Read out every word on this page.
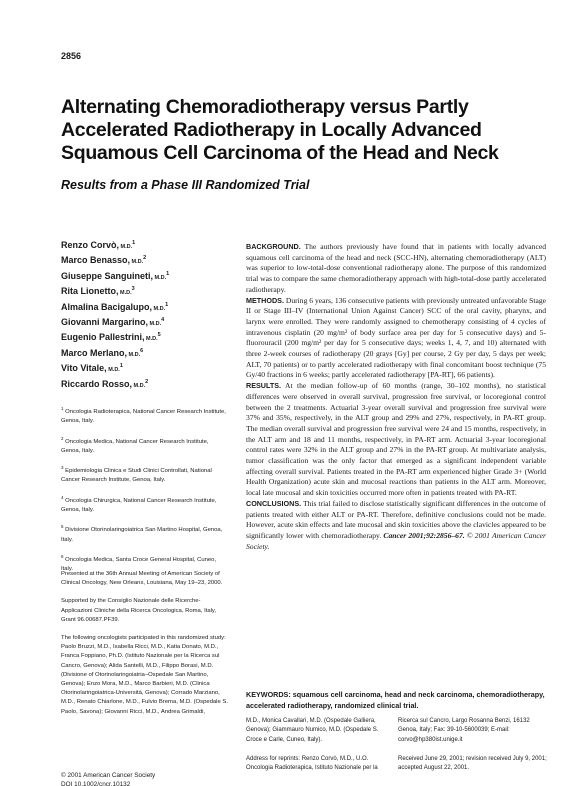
2856
Alternating Chemoradiotherapy versus Partly Accelerated Radiotherapy in Locally Advanced Squamous Cell Carcinoma of the Head and Neck
Results from a Phase III Randomized Trial
Renzo Corvò, M.D.$^1$
Marco Benasso, M.D.$^2$
Giuseppe Sanguineti, M.D.$^1$
Rita Lionetto, M.D.$^3$
Almalina Bacigalupo, M.D.$^1$
Giovanni Margarino, M.D.$^4$
Eugenio Pallestrini, M.D.$^5$
Marco Merlano, M.D.$^6$
Vito Vitale, M.D.$^1$
Riccardo Rosso, M.D.$^2$
$^1$ Oncologia Radioterapica, National Cancer Research Institute, Genoa, Italy.
$^2$ Oncologia Medica, National Cancer Research Institute, Genoa, Italy.
$^3$ Epidemiologia Clinica e Studi Clinici Controllati, National Cancer Research Institute, Genoa, Italy.
$^4$ Oncologia Chirurgica, National Cancer Research Institute, Genoa, Italy.
$^5$ Divisione Otorinolaringoiatrica San Martino Hospital, Genoa, Italy.
$^6$ Oncologia Medica, Santa Croce General Hospital, Cuneo, Italy.
Presented at the 36th Annual Meeting of American Society of Clinical Oncology, New Orleans, Louisiana, May 19–23, 2000.
Supported by the Consiglio Nazionale delle Ricerche-Applicazioni Cliniche della Ricerca Oncologica, Roma, Italy, Grant 96.00687.PF39.
The following oncologists participated in this randomized study: Paolo Bruzzi, M.D., Isabella Ricci, M.D., Katia Donato, M.D., Franca Foppiano, Ph.D. (Istituto Nazionale per la Ricerca sul Cancro, Genova); Alida Santelli, M.D., Filippo Borasi, M.D. (Divisione of Otorinolaringoiatria–Ospedale San Martino, Genova); Enzo Mora, M.D., Marco Barbieri, M.D. (Clinica Otorinolaringoiatrica-Università, Genova); Corrado Marziano, M.D., Renato Chiarlone, M.D., Fulvio Brema, M.D. (Ospedale S. Paolo, Savona); Giovanni Ricci, M.D., Andrea Grimaldi,

BACKGROUND. The authors previously have found that in patients with locally advanced squamous cell carcinoma of the head and neck (SCC-HN), alternating chemoradiotherapy (ALT) was superior to low-total-dose conventional radiotherapy alone. The purpose of this randomized trial was to compare the same chemoradiotherapy approach with high-total-dose partly accelerated radiotherapy.

METHODS. During 6 years, 136 consecutive patients with previously untreated unfavorable Stage II or Stage III–IV (International Union Against Cancer) SCC of the oral cavity, pharynx, and larynx were enrolled. They were randomly assigned to chemotherapy consisting of 4 cycles of intravenous cisplatin (20 mg/m² of body surface area per day for 5 consecutive days) and 5-fluorouracil (200 mg/m² per day for 5 consecutive days; weeks 1, 4, 7, and 10) alternated with three 2-week courses of radiotherapy (20 grays [Gy] per course, 2 Gy per day, 5 days per week; ALT, 70 patients) or to partly accelerated radiotherapy with final concomitant boost technique (75 Gy/40 fractions in 6 weeks; partly accelerated radiotherapy [PA-RT], 66 patients).

RESULTS. At the median follow-up of 60 months (range, 30–102 months), no statistical differences were observed in overall survival, progression free survival, or locoregional control between the 2 treatments. Actuarial 3-year overall survival and progression free survival were 37% and 35%, respectively, in the ALT group and 29% and 27%, respectively, in PA-RT group. The median overall survival and progression free survival were 24 and 15 months, respectively, in the ALT arm and 18 and 11 months, respectively, in PA-RT arm. Actuarial 3-year locoregional control rates were 32% in the ALT group and 27% in the PA-RT group. At multivariate analysis, tumor classification was the only factor that emerged as a significant independent variable affecting overall survival. Patients treated in the PA-RT arm experienced higher Grade 3+ (World Health Organization) acute skin and mucosal reactions than patients in the ALT arm. Moreover, local late mucosal and skin toxicities occurred more often in patients treated with PA-RT.

CONCLUSIONS. This trial failed to disclose statistically significant differences in the outcome of patients treated with either ALT or PA-RT. Therefore, definitive conclusions could not be made. However, acute skin effects and late mucosal and skin toxicities above the clavicles appeared to be significantly lower with chemoradiotherapy. Cancer 2001;92:2856–67. © 2001 American Cancer Society.

KEYWORDS: squamous cell carcinoma, head and neck carcinoma, chemoradiotherapy, accelerated radiotherapy, randomized clinical trial.
M.D., Monica Cavallari, M.D. (Ospedale Galliera, Genova); Giammauro Numico, M.D. (Ospedale S. Croce e Carle, Cuneo, Italy).
Address for reprints: Renzo Corvò, M.D., U.O. Oncologia Radioterapica, Istituto Nazionale per la
Ricerca sul Cancro, Largo Rosanna Benzi, 16132 Genoa, Italy; Fax: 39-10-5600039; E-mail: corvo@hp380ist.unige.it
Received June 29, 2001; revision received July 9, 2001; accepted August 22, 2001.
© 2001 American Cancer Society
DOI 10.1002/cncr.10132
